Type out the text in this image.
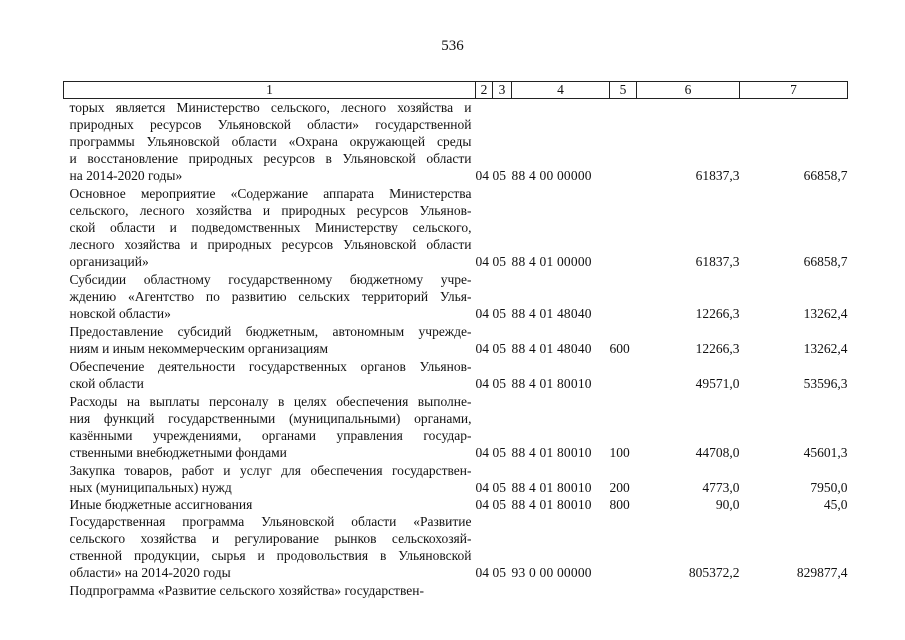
536
1	2	3	4	5	6	7

торых является Министерство сельского, лесного хозяйства и
природных ресурсов Ульяновской области» государственной
программы Ульяновской области «Охрана окружающей среды
и восстановление природных ресурсов в Ульяновской области
на 2014-2020 годы»	04	05	88 4 00 00000		61837,3	66858,7

Основное мероприятие «Содержание аппарата Министерства
сельского, лесного хозяйства и природных ресурсов Ульянов-
ской области и подведомственных Министерству сельского,
лесного хозяйства и природных ресурсов Ульяновской области
организаций»	04	05	88 4 01 00000		61837,3	66858,7

Субсидии областному государственному бюджетному учре-
ждению «Агентство по развитию сельских территорий Улья-
новской области»	04	05	88 4 01 48040		12266,3	13262,4

Предоставление субсидий бюджетным, автономным учрежде-
ниям и иным некоммерческим организациям	04	05	88 4 01 48040	600	12266,3	13262,4

Обеспечение деятельности государственных органов Ульянов-
ской области	04	05	88 4 01 80010		49571,0	53596,3

Расходы на выплаты персоналу в целях обеспечения выполне-
ния функций государственными (муниципальными) органами,
казёнными учреждениями, органами управления государ-
ственными внебюджетными фондами	04	05	88 4 01 80010	100	44708,0	45601,3

Закупка товаров, работ и услуг для обеспечения государствен-
ных (муниципальных) нужд	04	05	88 4 01 80010	200	4773,0	7950,0

Иные бюджетные ассигнования	04	05	88 4 01 80010	800	90,0	45,0

Государственная программа Ульяновской области «Развитие
сельского хозяйства и регулирование рынков сельскохозяй-
ственной продукции, сырья и продовольствия в Ульяновской
области» на 2014-2020 годы	04	05	93 0 00 00000		805372,2	829877,4

Подпрограмма «Развитие сельского хозяйства» государствен-						
